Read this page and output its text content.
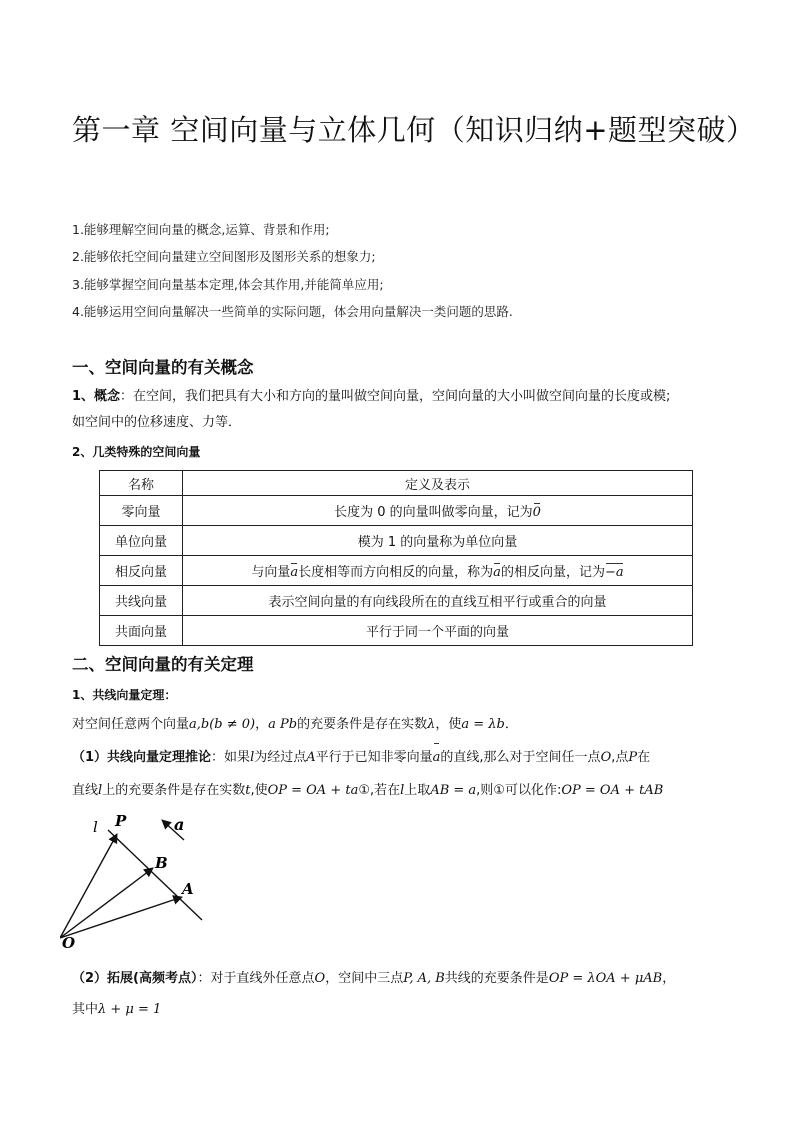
第一章 空间向量与立体几何（知识归纳+题型突破）
1.能够理解空间向量的概念,运算、背景和作用;
2.能够依托空间向量建立空间图形及图形关系的想象力;
3.能够掌握空间向量基本定理,体会其作用,并能简单应用;
4.能够运用空间向量解决一些简单的实际问题，体会用向量解决一类问题的思路.
一、空间向量的有关概念
1、概念：在空间，我们把具有大小和方向的量叫做空间向量，空间向量的大小叫做空间向量的长度或模;
如空间中的位移速度、力等．
2、几类特殊的空间向量
名称	定义及表示
零向量	长度为 0 的向量叫做零向量，记为0
单位向量	模为 1 的向量称为单位向量
相反向量	与向量a长度相等而方向相反的向量，称为a的相反向量，记为−a
共线向量	表示空间向量的有向线段所在的直线互相平行或重合的向量
共面向量	平行于同一个平面的向量
二、空间向量的有关定理
1、共线向量定理：
对空间任意两个向量a,b(b ≠ 0)，a Pb的充要条件是存在实数λ，使a = λb．
（1）共线向量定理推论：如果l为经过点A平行于已知非零向量a的直线,那么对于空间任一点O,点P在
直线l上的充要条件是存在实数t,使OP = OA + ta①,若在l上取AB = a,则①可以化作:OP = OA + tAB
l P
B
A
O
a
（2）拓展(高频考点）：对于直线外任意点O，空间中三点P, A, B共线的充要条件是OP = λOA + μAB，
其中λ + μ = 1
